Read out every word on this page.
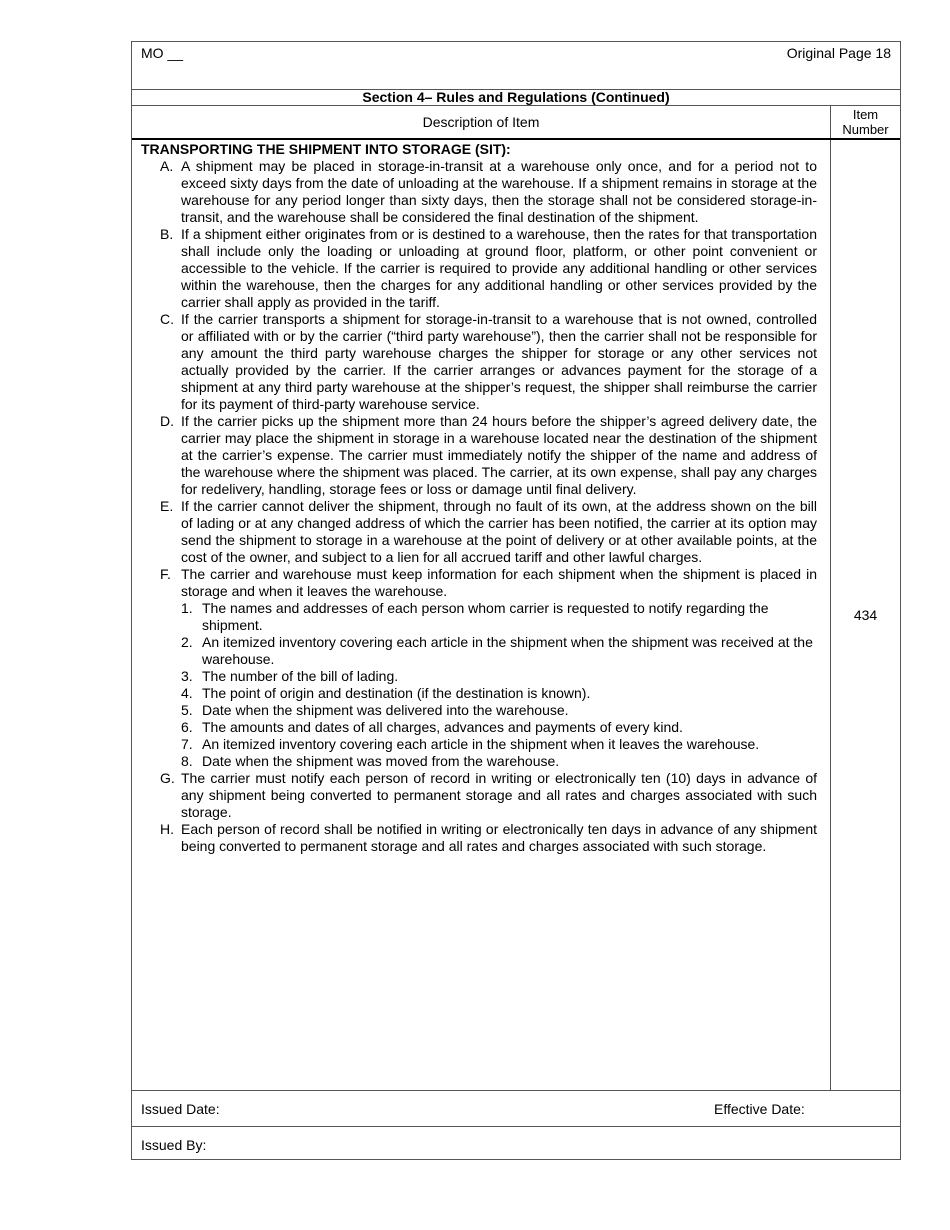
MO __	Original Page 18
Section 4– Rules and Regulations (Continued)
Description of Item	Item
Number
TRANSPORTING THE SHIPMENT INTO STORAGE (SIT):
A. A shipment may be placed in storage-in-transit at a warehouse only once, and for a period not to exceed sixty days from the date of unloading at the warehouse. If a shipment remains in storage at the warehouse for any period longer than sixty days, then the storage shall not be considered storage-in-transit, and the warehouse shall be considered the final destination of the shipment.
B. If a shipment either originates from or is destined to a warehouse, then the rates for that transportation shall include only the loading or unloading at ground floor, platform, or other point convenient or accessible to the vehicle. If the carrier is required to provide any additional handling or other services within the warehouse, then the charges for any additional handling or other services provided by the carrier shall apply as provided in the tariff.
C. If the carrier transports a shipment for storage-in-transit to a warehouse that is not owned, controlled or affiliated with or by the carrier (“third party warehouse”), then the carrier shall not be responsible for any amount the third party warehouse charges the shipper for storage or any other services not actually provided by the carrier. If the carrier arranges or advances payment for the storage of a shipment at any third party warehouse at the shipper’s request, the shipper shall reimburse the carrier for its payment of third-party warehouse service.
D. If the carrier picks up the shipment more than 24 hours before the shipper’s agreed delivery date, the carrier may place the shipment in storage in a warehouse located near the destination of the shipment at the carrier’s expense. The carrier must immediately notify the shipper of the name and address of the warehouse where the shipment was placed. The carrier, at its own expense, shall pay any charges for redelivery, handling, storage fees or loss or damage until final delivery.
E. If the carrier cannot deliver the shipment, through no fault of its own, at the address shown on the bill of lading or at any changed address of which the carrier has been notified, the carrier at its option may send the shipment to storage in a warehouse at the point of delivery or at other available points, at the cost of the owner, and subject to a lien for all accrued tariff and other lawful charges.
F. The carrier and warehouse must keep information for each shipment when the shipment is placed in storage and when it leaves the warehouse.
1. The names and addresses of each person whom carrier is requested to notify regarding the shipment.
2. An itemized inventory covering each article in the shipment when the shipment was received at the warehouse.
3. The number of the bill of lading.
4. The point of origin and destination (if the destination is known).
5. Date when the shipment was delivered into the warehouse.
6. The amounts and dates of all charges, advances and payments of every kind.
7. An itemized inventory covering each article in the shipment when it leaves the warehouse.
8. Date when the shipment was moved from the warehouse.
G. The carrier must notify each person of record in writing or electronically ten (10) days in advance of any shipment being converted to permanent storage and all rates and charges associated with such storage.
H. Each person of record shall be notified in writing or electronically ten days in advance of any shipment being converted to permanent storage and all rates and charges associated with such storage.
434
Issued Date:	Effective Date:
Issued By:
